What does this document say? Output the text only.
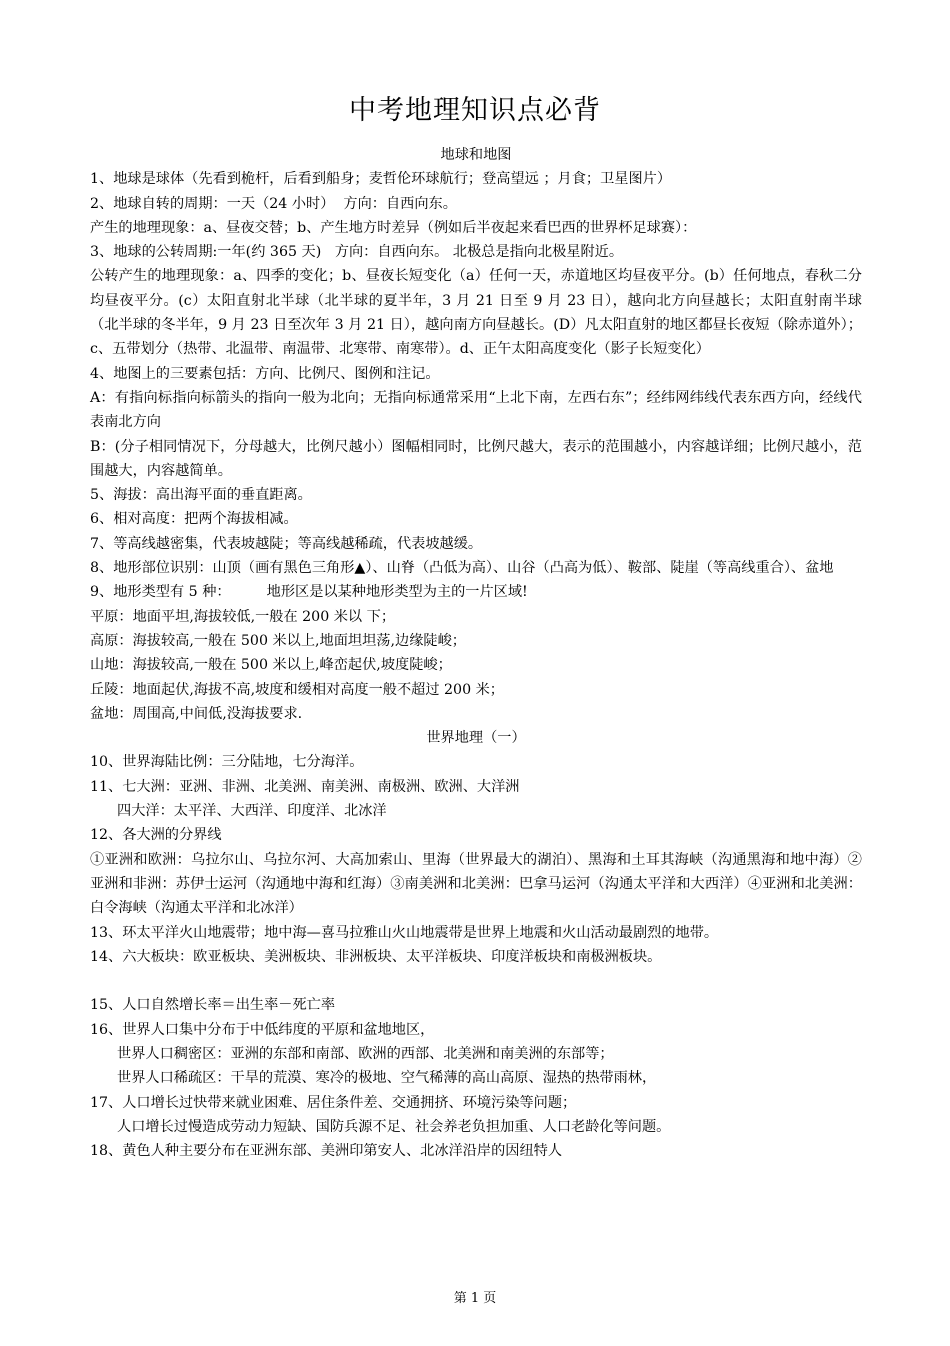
中考地理知识点必背

地球和地图

1、地球是球体（先看到桅杆，后看到船身；麦哲伦环球航行；登高望远 ；月食；卫星图片）

2、地球自转的周期：一天（24 小时）  方向：自西向东。

产生的地理现象：a、昼夜交替；b、产生地方时差异（例如后半夜起来看巴西的世界杯足球赛）：

3、地球的公转周期:一年(约 365 天)   方向：自西向东。 北极总是指向北极星附近。

公转产生的地理现象：a、四季的变化；b、昼夜长短变化（a）任何一天，赤道地区均昼夜平分。(b）任何地点，春秋二分均昼夜平分。(c）太阳直射北半球（北半球的夏半年，3 月 21 日至 9 月 23 日），越向北方向昼越长；太阳直射南半球（北半球的冬半年，9 月 23 日至次年 3 月 21 日），越向南方向昼越长。(D）凡太阳直射的地区都昼长夜短（除赤道外）；c、五带划分（热带、北温带、南温带、北寒带、南寒带）。d、正午太阳高度变化（影子长短变化）

4、地图上的三要素包括：方向、比例尺、图例和注记。

A：有指向标指向标箭头的指向一般为北向；无指向标通常采用“上北下南，左西右东”；经纬网纬线代表东西方向，经线代表南北方向

B：(分子相同情况下，分母越大，比例尺越小）图幅相同时，比例尺越大，表示的范围越小，内容越详细；比例尺越小，范围越大，内容越简单。

5、海拔：高出海平面的垂直距离。

6、相对高度：把两个海拔相减。

7、等高线越密集，代表坡越陡；等高线越稀疏，代表坡越缓。

8、地形部位识别：山顶（画有黑色三角形▲）、山脊（凸低为高）、山谷（凸高为低）、鞍部、陡崖（等高线重合）、盆地

9、地形类型有 5 种：        地形区是以某种地形类型为主的一片区域!

平原：地面平坦,海拔较低,一般在 200 米以 下；

高原：海拔较高,一般在 500 米以上,地面坦坦荡,边缘陡峻；

山地：海拔较高,一般在 500 米以上,峰峦起伏,坡度陡峻；

丘陵：地面起伏,海拔不高,坡度和缓相对高度一般不超过 200 米；

盆地：周围高,中间低,没海拔要求.

世界地理（一）

10、世界海陆比例：三分陆地，七分海洋。

11、七大洲：亚洲、非洲、北美洲、南美洲、南极洲、欧洲、大洋洲

四大洋：太平洋、大西洋、印度洋、北冰洋

12、各大洲的分界线

①亚洲和欧洲：乌拉尔山、乌拉尔河、大高加索山、里海（世界最大的湖泊）、黑海和土耳其海峡（沟通黑海和地中海）②亚洲和非洲：苏伊士运河（沟通地中海和红海）③南美洲和北美洲：巴拿马运河（沟通太平洋和大西洋）④亚洲和北美洲：白令海峡（沟通太平洋和北冰洋）

13、环太平洋火山地震带；地中海—喜马拉雅山火山地震带是世界上地震和火山活动最剧烈的地带。

14、六大板块：欧亚板块、美洲板块、非洲板块、太平洋板块、印度洋板块和南极洲板块。

15、人口自然增长率＝出生率－死亡率

16、世界人口集中分布于中低纬度的平原和盆地地区，

世界人口稠密区：亚洲的东部和南部、欧洲的西部、北美洲和南美洲的东部等；

世界人口稀疏区：干旱的荒漠、寒冷的极地、空气稀薄的高山高原、湿热的热带雨林，

17、人口增长过快带来就业困难、居住条件差、交通拥挤、环境污染等问题；

人口增长过慢造成劳动力短缺、国防兵源不足、社会养老负担加重、人口老龄化等问题。

18、黄色人种主要分布在亚洲东部、美洲印第安人、北冰洋沿岸的因纽特人

第 1 页
